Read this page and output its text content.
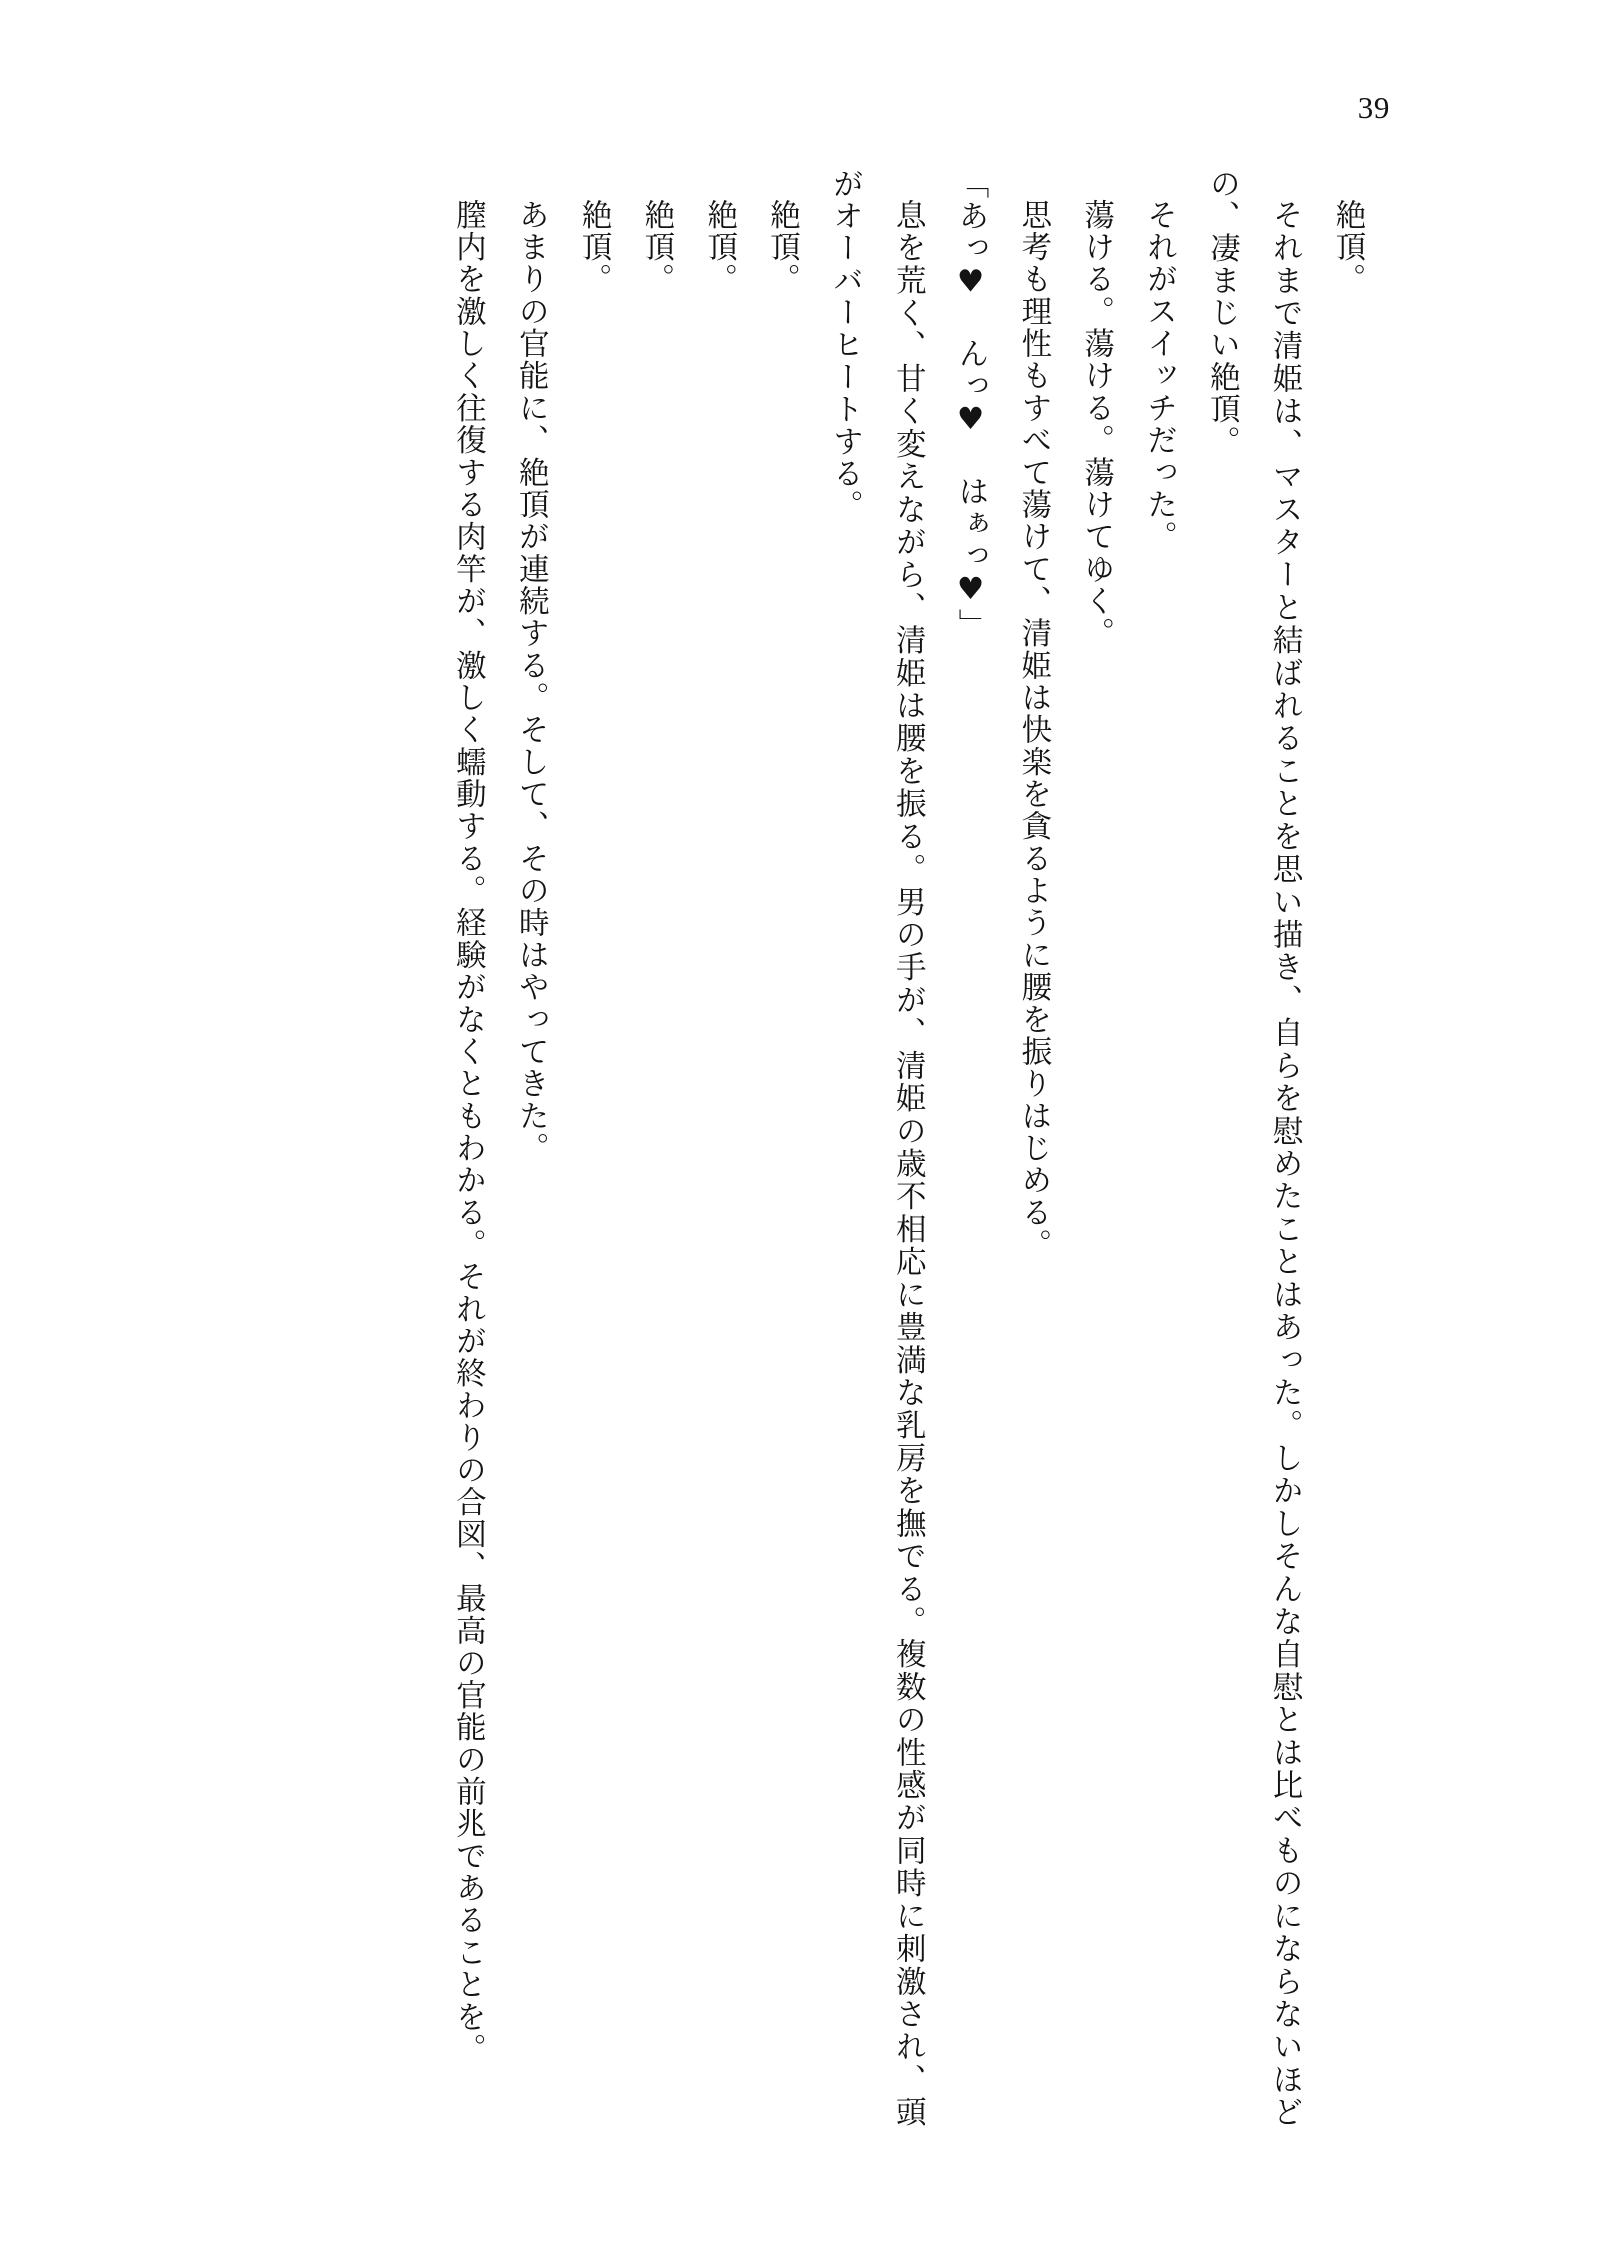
39

絶頂。

それまで清姫は、マスターと結ばれることを思い描き、自らを慰めたことはあった。しかしそんな自慰とは比べものにならないほどの、凄まじい絶頂。

それがスイッチだった。

蕩ける。蕩ける。蕩けてゆく。

思考も理性もすべて蕩けて、清姫は快楽を貪るように腰を振りはじめる。

「あっ♥ んっ♥ はぁっ♥」

息を荒く、甘く変えながら、清姫は腰を振る。男の手が、清姫の歳不相応に豊満な乳房を撫でる。複数の性感が同時に刺激され、頭がオーバーヒートする。

絶頂。

絶頂。

絶頂。

絶頂。

あまりの官能に、絶頂が連続する。そして、その時はやってきた。

膣内を激しく往復する肉竿が、激しく蠕動する。経験がなくともわかる。それが終わりの合図、最高の官能の前兆であることを。
